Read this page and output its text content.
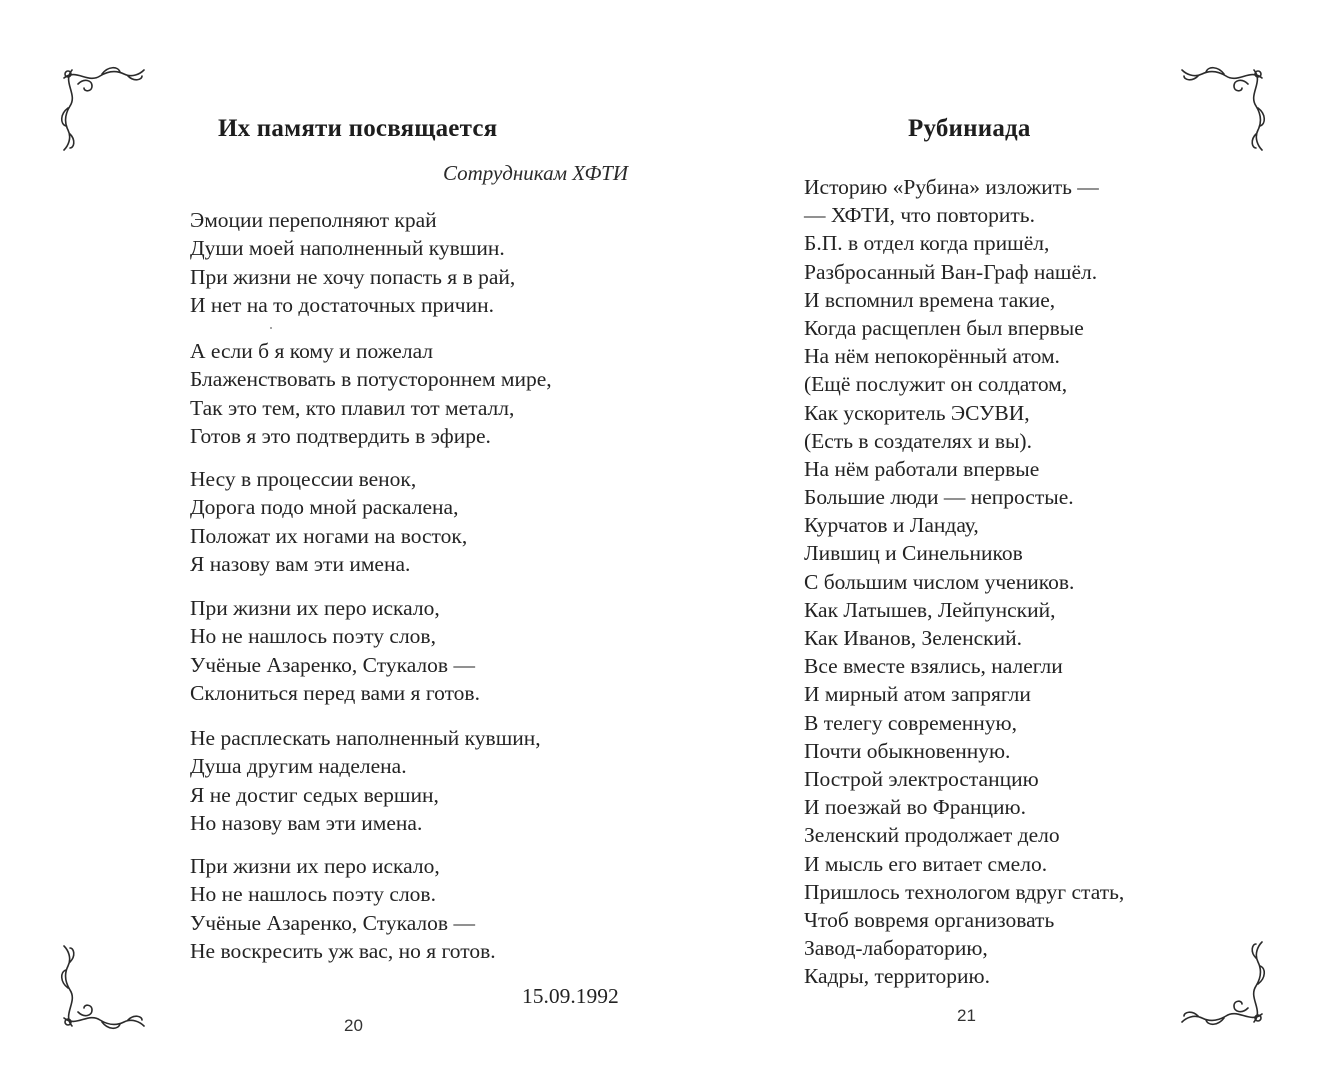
Их памяти посвящается
Сотрудникам ХФТИ
Эмоции переполняют край
Души моей наполненный кувшин.
При жизни не хочу попасть я в рай,
И нет на то достаточных причин.
А если б я кому и пожелал
Блаженствовать в потустороннем мире,
Так это тем, кто плавил тот металл,
Готов я это подтвердить в эфире.
Несу в процессии венок,
Дорога подо мной раскалена,
Положат их ногами на восток,
Я назову вам эти имена.
При жизни их перо искало,
Но не нашлось поэту слов,
Учёные Азаренко, Стукалов —
Склониться перед вами я готов.
Не расплескать наполненный кувшин,
Душа другим наделена.
Я не достиг седых вершин,
Но назову вам эти имена.
При жизни их перо искало,
Но не нашлось поэту слов.
Учёные Азаренко, Стукалов —
Не воскресить уж вас, но я готов.
15.09.1992
20
Рубиниада
Историю «Рубина» изложить —
— ХФТИ, что повторить.
Б.П. в отдел когда пришёл,
Разбросанный Ван-Граф нашёл.
И вспомнил времена такие,
Когда расщеплен был впервые
На нём непокорённый атом.
(Ещё послужит он солдатом,
Как ускоритель ЭСУВИ,
(Есть в создателях и вы).
На нём работали впервые
Большие люди — непростые.
Курчатов и Ландау,
Лившиц и Синельников
С большим числом учеников.
Как Латышев, Лейпунский,
Как Иванов, Зеленский.
Все вместе взялись, налегли
И мирный атом запрягли
В телегу современную,
Почти обыкновенную.
Построй электростанцию
И поезжай во Францию.
Зеленский продолжает дело
И мысль его витает смело.
Пришлось технологом вдруг стать,
Чтоб вовремя организовать
Завод-лабораторию,
Кадры, территорию.
21
